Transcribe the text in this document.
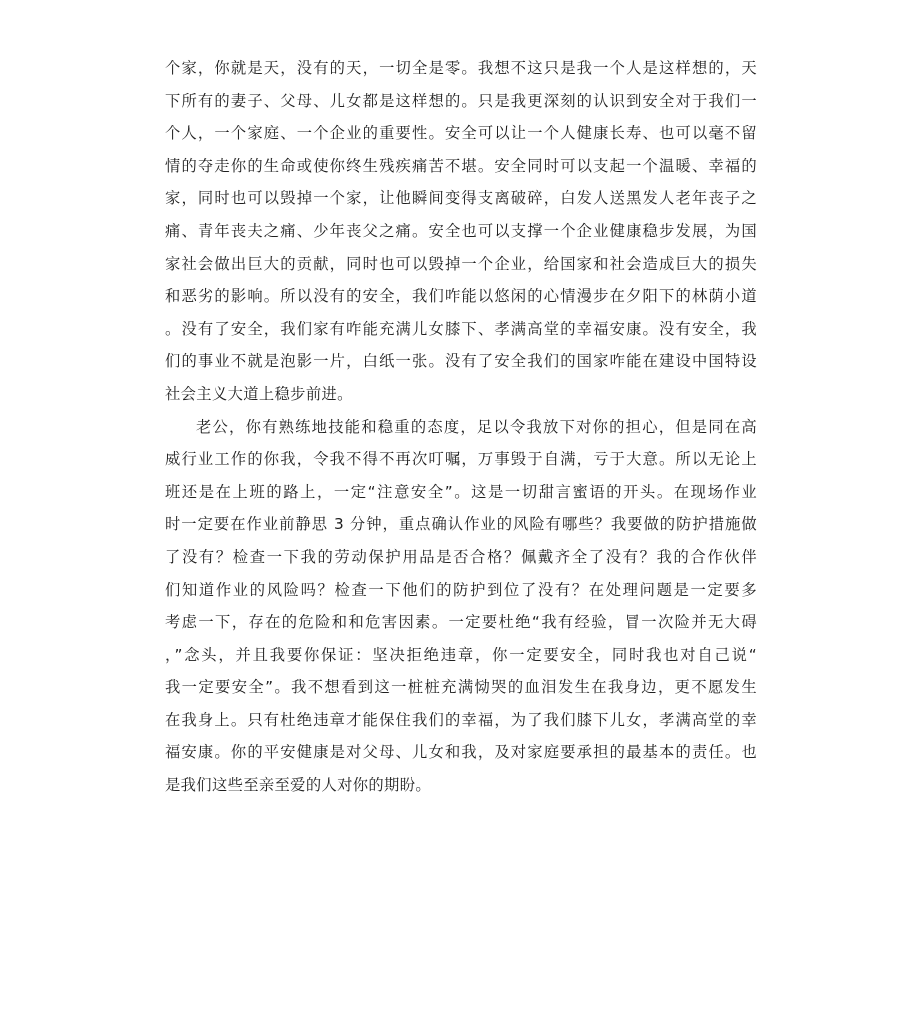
个家，你就是天，没有的天，一切全是零。我想不这只是我一个人是这样想的，天
下所有的妻子、父母、儿女都是这样想的。只是我更深刻的认识到安全对于我们一
个人，一个家庭、一个企业的重要性。安全可以让一个人健康长寿、也可以毫不留
情的夺走你的生命或使你终生残疾痛苦不堪。安全同时可以支起一个温暖、幸福的
家，同时也可以毁掉一个家，让他瞬间变得支离破碎，白发人送黑发人老年丧子之
痛、青年丧夫之痛、少年丧父之痛。安全也可以支撑一个企业健康稳步发展，为国
家社会做出巨大的贡献，同时也可以毁掉一个企业，给国家和社会造成巨大的损失
和恶劣的影响。所以没有的安全，我们咋能以悠闲的心情漫步在夕阳下的林荫小道
。没有了安全，我们家有咋能充满儿女膝下、孝满高堂的幸福安康。没有安全，我
们的事业不就是泡影一片，白纸一张。没有了安全我们的国家咋能在建设中国特设
社会主义大道上稳步前进。
老公，你有熟练地技能和稳重的态度，足以令我放下对你的担心，但是同在高
威行业工作的你我，令我不得不再次叮嘱，万事毁于自满，亏于大意。所以无论上
班还是在上班的路上，一定“注意安全”。这是一切甜言蜜语的开头。在现场作业
时一定要在作业前静思 3 分钟，重点确认作业的风险有哪些？我要做的防护措施做
了没有？检查一下我的劳动保护用品是否合格？佩戴齐全了没有？我的合作伙伴
们知道作业的风险吗？检查一下他们的防护到位了没有？在处理问题是一定要多
考虑一下，存在的危险和和危害因素。一定要杜绝“我有经验，冒一次险并无大碍
，”念头，并且我要你保证：坚决拒绝违章，你一定要安全，同时我也对自己说“
我一定要安全”。我不想看到这一桩桩充满恸哭的血泪发生在我身边，更不愿发生
在我身上。只有杜绝违章才能保住我们的幸福，为了我们膝下儿女，孝满高堂的幸
福安康。你的平安健康是对父母、儿女和我，及对家庭要承担的最基本的责任。也
是我们这些至亲至爱的人对你的期盼。
